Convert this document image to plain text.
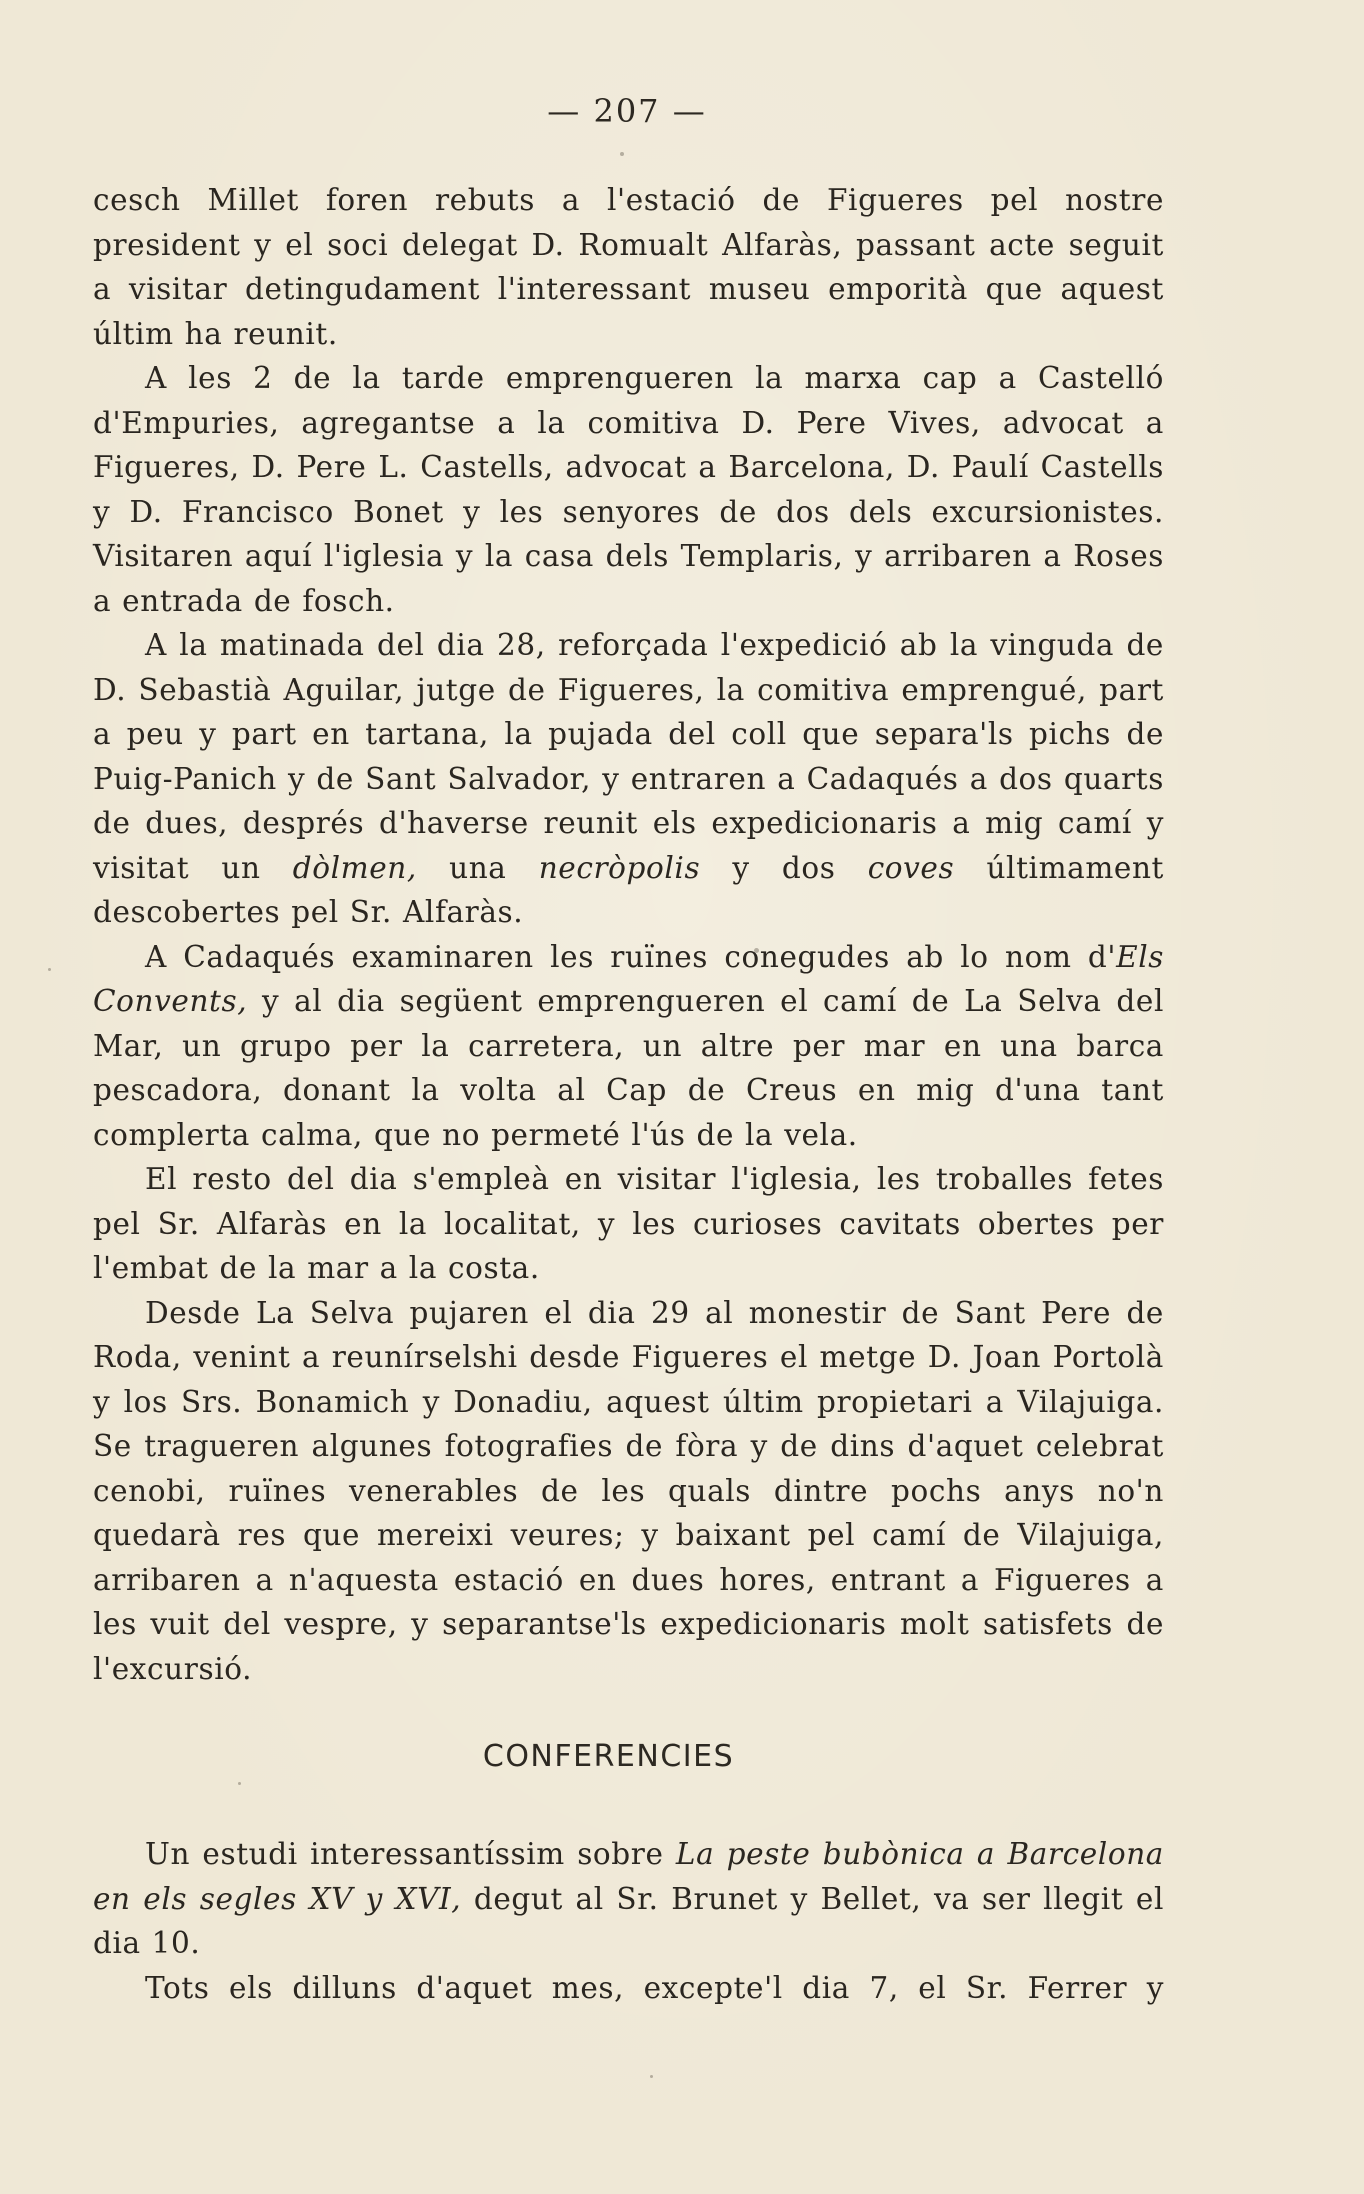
— 207 —

cesch Millet foren rebuts a l'estació de Figueres pel nostre president y el soci delegat D. Romualt Alfaràs, passant acte seguit a visitar detingudament l'interessant museu emporità que aquest últim ha reunit.

A les 2 de la tarde emprengueren la marxa cap a Castelló d'Empuries, agregantse a la comitiva D. Pere Vives, advocat a Figueres, D. Pere L. Castells, advocat a Barcelona, D. Paulí Castells y D. Francisco Bonet y les senyores de dos dels excursionistes. Visitaren aquí l'iglesia y la casa dels Templaris, y arribaren a Roses a entrada de fosch.

A la matinada del dia 28, reforçada l'expedició ab la vinguda de D. Sebastià Aguilar, jutge de Figueres, la comitiva emprengué, part a peu y part en tartana, la pujada del coll que separa'ls pichs de Puig-Panich y de Sant Salvador, y entraren a Cadaqués a dos quarts de dues, després d'haverse reunit els expedicionaris a mig camí y visitat un dòlmen, una necròpolis y dos coves últimament descobertes pel Sr. Alfaràs.

A Cadaqués examinaren les ruïnes conegudes ab lo nom d'Els Convents, y al dia següent emprengueren el camí de La Selva del Mar, un grupo per la carretera, un altre per mar en una barca pescadora, donant la volta al Cap de Creus en mig d'una tant complerta calma, que no permeté l'ús de la vela.

El resto del dia s'empleà en visitar l'iglesia, les troballes fetes pel Sr. Alfaràs en la localitat, y les curioses cavitats obertes per l'embat de la mar a la costa.

Desde La Selva pujaren el dia 29 al monestir de Sant Pere de Roda, venint a reunírselshi desde Figueres el metge D. Joan Portolà y los Srs. Bonamich y Donadiu, aquest últim propietari a Vilajuiga. Se tragueren algunes fotografies de fòra y de dins d'aquet celebrat cenobi, ruïnes venerables de les quals dintre pochs anys no'n quedarà res que mereixi veures; y baixant pel camí de Vilajuiga, arribaren a n'aquesta estació en dues hores, entrant a Figueres a les vuit del vespre, y separantse'ls expedicionaris molt satisfets de l'excursió.

CONFERENCIES

Un estudi interessantíssim sobre La peste bubònica a Barcelona en els segles XV y XVI, degut al Sr. Brunet y Bellet, va ser llegit el dia 10.

Tots els dilluns d'aquet mes, excepte'l dia 7, el Sr. Ferrer y
